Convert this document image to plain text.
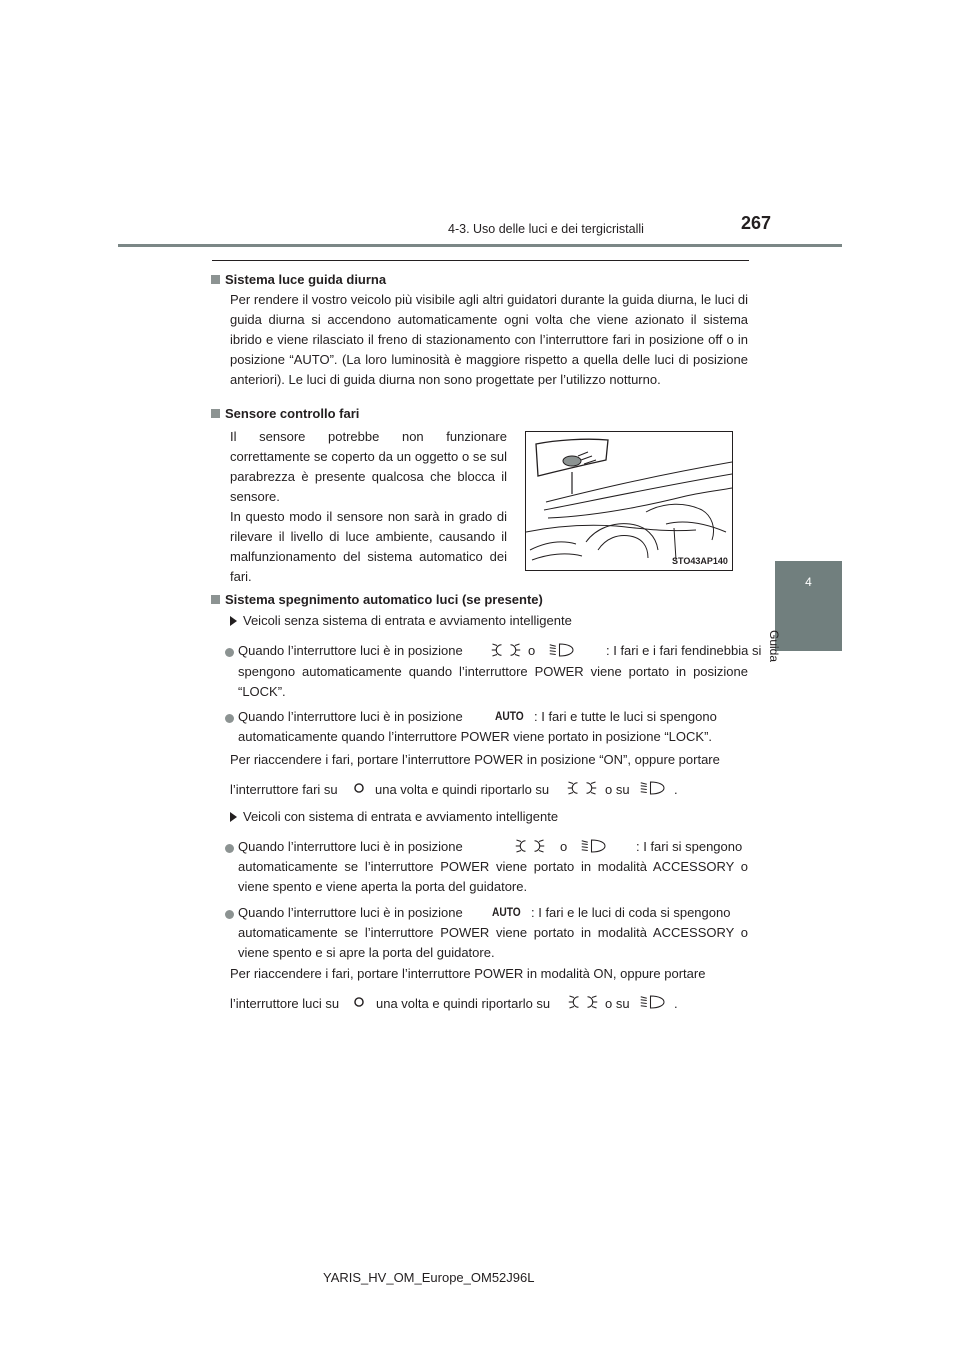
4-3. Uso delle luci e dei tergicristalli	267
4
Guida
Sistema luce guida diurna
Per rendere il vostro veicolo più visibile agli altri guidatori durante la guida diurna, le luci di guida diurna si accendono automaticamente ogni volta che viene azionato il sistema ibrido e viene rilasciato il freno di stazionamento con l’interruttore fari in posizione off o in posizione “AUTO”. (La loro luminosità è maggiore rispetto a quella delle luci di posizione anteriori). Le luci di guida diurna non sono progettate per l’utilizzo notturno.
Sensore controllo fari
Il sensore potrebbe non funzionare correttamente se coperto da un oggetto o se sul parabrezza è presente qualcosa che blocca il sensore.
In questo modo il sensore non sarà in grado di rilevare il livello di luce ambiente, causando il malfunzionamento del sistema automatico dei fari.
STO43AP140
Sistema spegnimento automatico luci (se presente)
Veicoli senza sistema di entrata e avviamento intelligente
Quando l’interruttore luci è in posizione	o	: I fari e i fari fendinebbia si
spengono automaticamente quando l’interruttore POWER viene portato in posizione “LOCK”.
Quando l’interruttore luci è in posizione	AUTO : I fari e tutte le luci si spengono
automaticamente quando l’interruttore POWER viene portato in posizione “LOCK”.
Per riaccendere i fari, portare l’interruttore POWER in posizione “ON”, oppure portare
l’interruttore fari su	una volta e quindi riportarlo su	o su	.
Veicoli con sistema di entrata e avviamento intelligente
Quando l’interruttore luci è in posizione	o	: I fari si spengono
automaticamente se l’interruttore POWER viene portato in modalità ACCESSORY o viene spento e viene aperta la porta del guidatore.
Quando l’interruttore luci è in posizione AUTO : I fari e le luci di coda si spengono
automaticamente se l’interruttore POWER viene portato in modalità ACCESSORY o viene spento e si apre la porta del guidatore.
Per riaccendere i fari, portare l’interruttore POWER in modalità ON, oppure portare
l’interruttore luci su	una volta e quindi riportarlo su	o su	.
YARIS_HV_OM_Europe_OM52J96L
